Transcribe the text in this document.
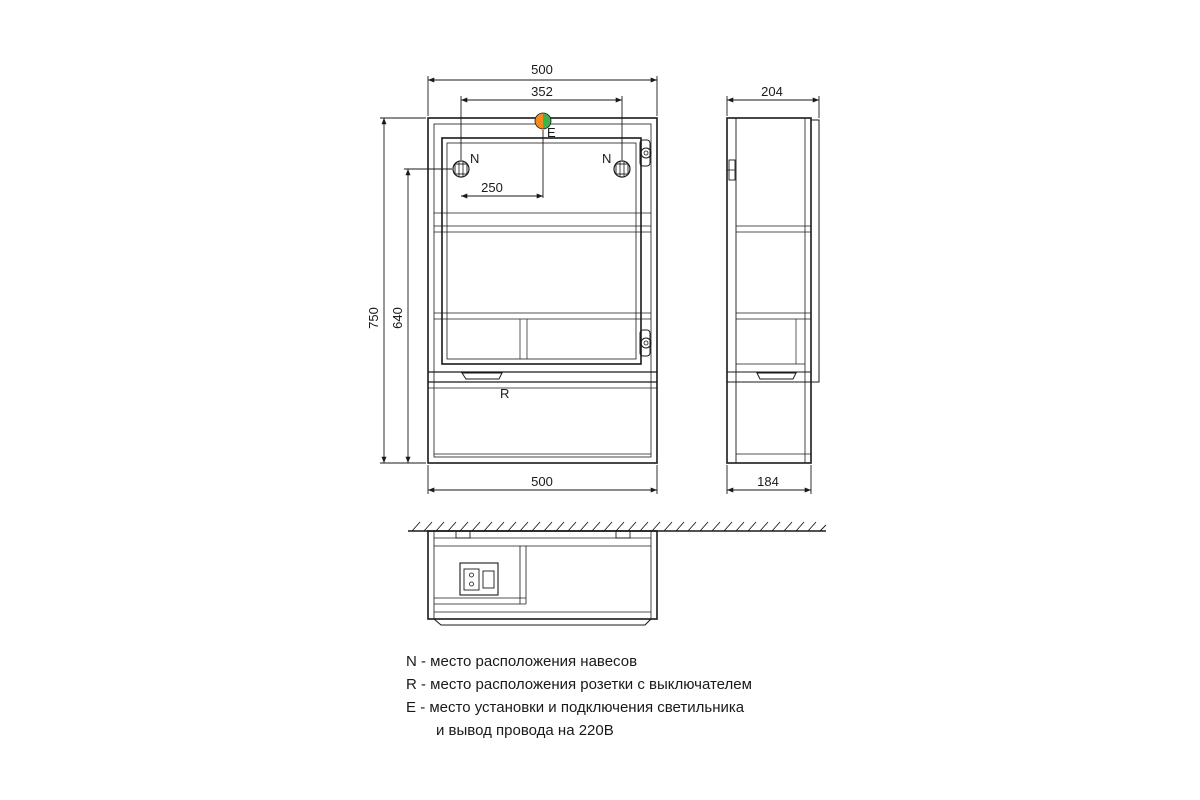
500
352
250
750 640
500
N	N
E
R
204
184
N - место расположения навесов
R - место расположения розетки с выключателем
E - место установки и подключения светильника
и вывод провода на 220В
